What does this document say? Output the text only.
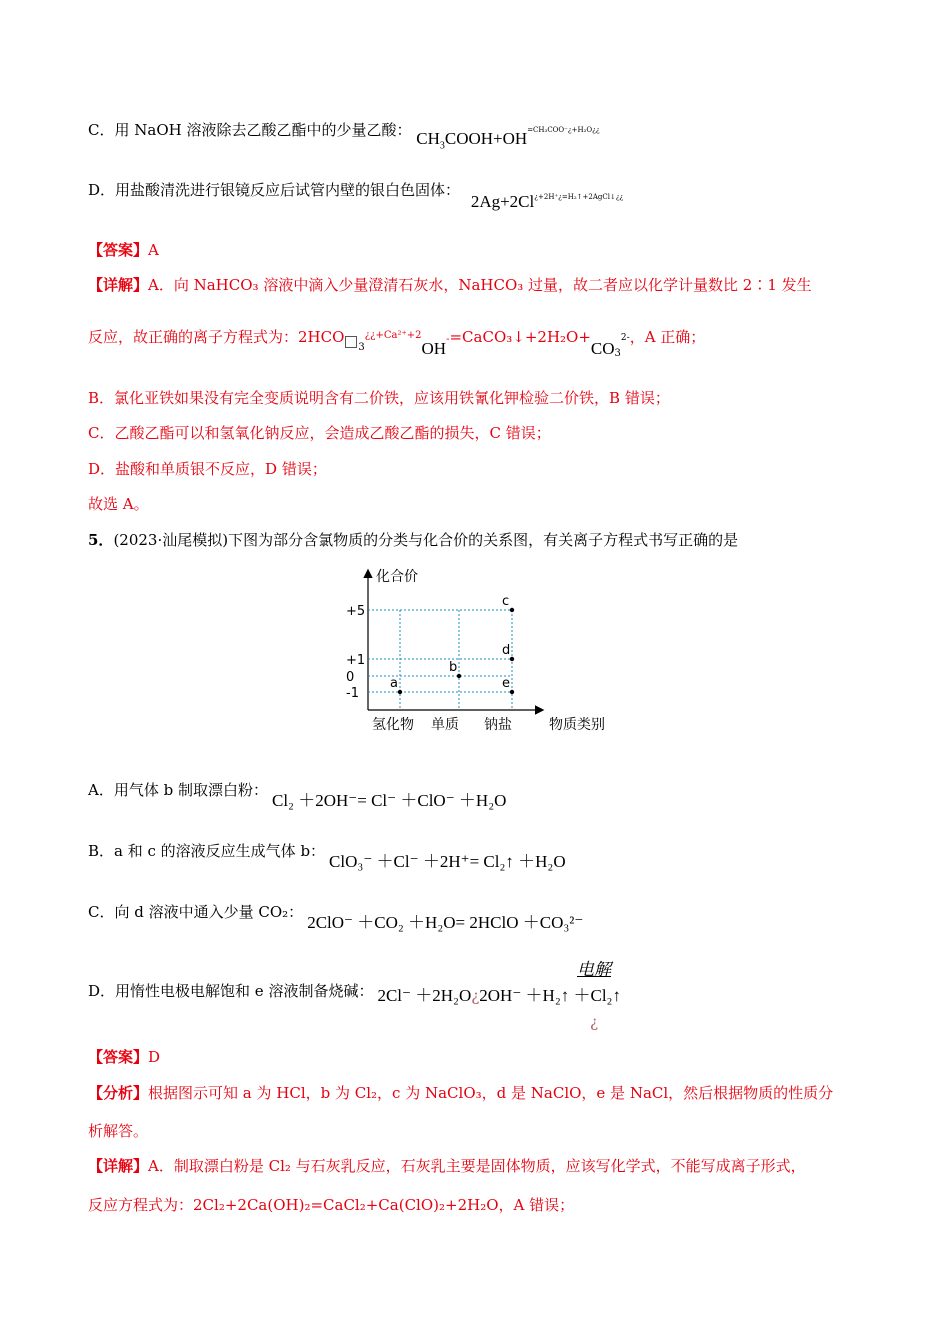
C．用 NaOH 溶液除去乙酸乙酯中的少量乙酸： $CH_3COOH+OH^{=CH_3COO^-¿+H_2O¿¿}$
D．用盐酸清洗进行银镜反应后试管内壁的银白色固体： $2Ag+2Cl_{¿+2H^+¿=H_2↑+2AgCl↓¿¿}$
【答案】A
【详解】A．向 NaHCO₃ 溶液中滴入少量澄清石灰水，NaHCO₃ 过量，故二者应以化学计量数比 2∶1 发生
反应，故正确的离子方程式为：$2HCO_3^{¿¿+Ca^{2+}+2}OH-=CaCO_3↓+2H_2O+CO_32-$，A 正确；
B．氯化亚铁如果没有完全变质说明含有二价铁，应该用铁氰化钾检验二价铁，B 错误；
C．乙酸乙酯可以和氢氧化钠反应，会造成乙酸乙酯的损失，C 错误；
D．盐酸和单质银不反应，D 错误；
故选 A。
5．(2023·汕尾模拟)下图为部分含氯物质的分类与化合价的关系图，有关离子方程式书写正确的是
+5
+1
0
-1
氢化物 单质 钠盐
a
b
c
d
e
化合价
物质类别
A．用气体 b 制取漂白粉：Cl₂ ＋2OH⁻= Cl⁻ ＋ClO⁻ ＋H₂O
B．a 和 c 的溶液反应生成气体 b：ClO₃⁻ ＋Cl⁻ ＋2H⁺= Cl₂↑ ＋H₂O
C．向 d 溶液中通入少量 CO₂：2ClO⁻ ＋CO₂ ＋H₂O= 2HClO ＋CO₃²⁻
D．用惰性电极电解饱和 e 溶液制备烧碱： 2Cl⁻ ＋2H₂O¿2OH⁻ ＋H₂↑ ＋Cl₂↑
电解
¿
【答案】D
【分析】根据图示可知 a 为 HCl，b 为 Cl₂，c 为 NaClO₃，d 是 NaClO，e 是 NaCl，然后根据物质的性质分
析解答。
【详解】A．制取漂白粉是 Cl₂ 与石灰乳反应，石灰乳主要是固体物质，应该写化学式，不能写成离子形式，
反应方程式为：2Cl₂+2Ca(OH)₂=CaCl₂+Ca(ClO)₂+2H₂O，A 错误；
